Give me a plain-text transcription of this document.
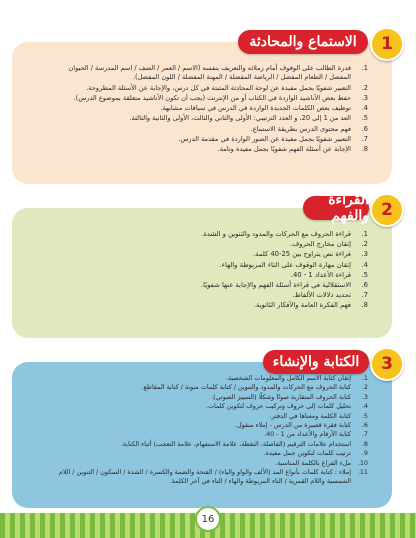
الاستماع والمحادثة	1
1.
قدرة الطالب على الوقوف أمام زملائه والتعريف بنفسه (الاسم / العمر / الصف / اسم المدرسة / الحيوان المفضل / الطعام المفضل / الرياضة المفضلة / المهنة المفضلة / اللون المفضل).
2.
التعبير شفويًا بجمل مفيدة عن لوحة المحادثة المثبتة في كل درس، والإجابة عن الأسئلة المطروحة.
3.
حفظ بعض الأناشيد الواردة في الكتاب أو من الإنترنت (يجب أن تكون الأناشيد متعلقة بموضوع الدرس).
4.
توظيف بعض الكلمات الجديدة الواردة في الدرس في سياقات مشابهة.
5.
العد من 1 إلى 20، و العدد الترتيبي: الأولى والثاني والثالث، الأولى والثانية والثالثة.
6.
فهم محتوى الدرس بطريقة الاستماع.
7.
التعبير شفويًا بجمل مفيدة عن الصور الواردة في مقدمة الدرس.
8.
الإجابة عن أسئلة الفهم شفويًا بجمل مفيدة وتامة.
القراءة والفهم 2
1.
قراءة الحروف مع الحركات والمدود والتنوين و الشدة.
2.
إتقان مخارج الحروف.
3.
قراءة نص يتراوح بين 25-40 كلمة.
4.
إتقان مهارة الوقوف على التاء المربوطة والهاء.
5.
قراءة الأعداد 1 - 40.
6.
الاستقلالية في قراءة أسئلة الفهم والإجابة عنها شفويًا.
7.
تحديد دلالات الألفاظ.
8.
فهم الفكرة العامة والأفكار الثانوية.
الكتابة والإنشاء	3
1.
إتقان كتابة الاسم الكامل والمعلومات الشخصية.
2.
كتابة الحروف مع الحركات والمدود والتنوين / كتابة كلمات منونة / كتابة المقاطع.
3.
كتابة الحروف المتقاربة صوتًا وشكلًا (التمييز الصوتي).
4.
تحليل كلمات إلى حروف وتركيب حروف لتكوين كلمات.
5.
كتابة الكلمة ومعناها في الدفتر.
6.
كتابة فقرة قصيرة من الدرس - إملاء منقول.
7.
كتابة الأرقام والأعداد من 1 - 40.
8.
استخدام علامات الترقيم (الفاصلة، النقطة، علامة الاستفهام، علامة التعجب) أثناء الكتابة.
9.
ترتيب كلمات لتكوين جمل مفيدة.
10.
ملء الفراغ بالكلمة المناسبة.
11.
إملاء : كتابة كلمات بأنواع المد (الألف والواو والياء) / الفتحة والضمة والكسرة / الشدة / السكون / التنوين / اللام الشمسية واللام القمرية / التاء المربوطة والهاء / التاء في آخر الكلمة.
16
